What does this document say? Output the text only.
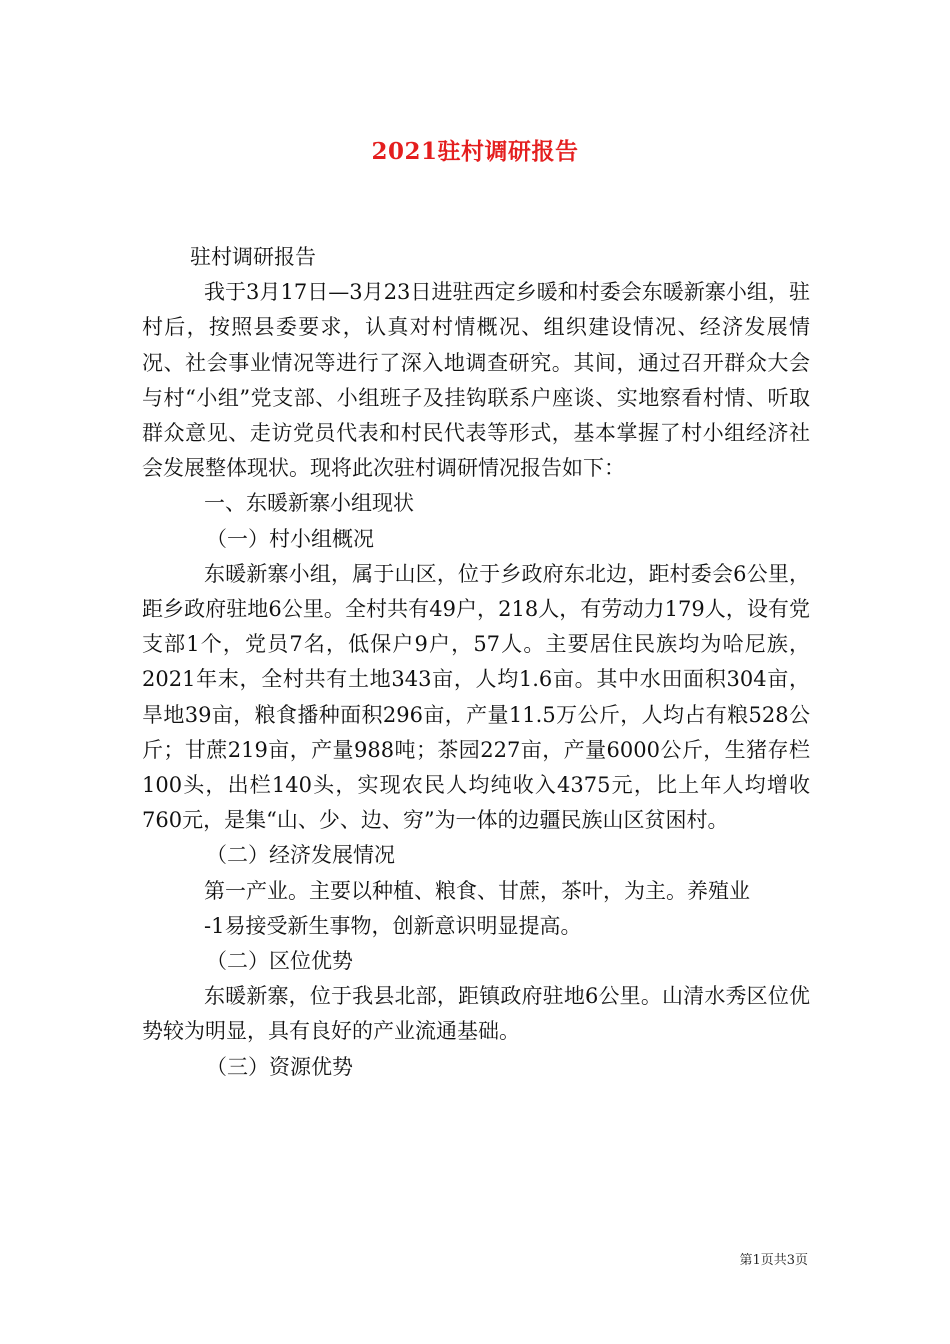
2021驻村调研报告

驻村调研报告

我于3月17日—3月23日进驻西定乡暖和村委会东暖新寨小组，驻村后，按照县委要求，认真对村情概况、组织建设情况、经济发展情况、社会事业情况等进行了深入地调查研究。其间，通过召开群众大会与村“小组”党支部、小组班子及挂钩联系户座谈、实地察看村情、听取群众意见、走访党员代表和村民代表等形式，基本掌握了村小组经济社会发展整体现状。现将此次驻村调研情况报告如下：

一、东暖新寨小组现状

（一）村小组概况

东暖新寨小组，属于山区，位于乡政府东北边，距村委会6公里，距乡政府驻地6公里。全村共有49户，218人，有劳动力179人，设有党支部1个，党员7名，低保户9户，57人。主要居住民族均为哈尼族，2021年末，全村共有土地343亩，人均1.6亩。其中水田面积304亩，旱地39亩，粮食播种面积296亩，产量11.5万公斤，人均占有粮528公斤；甘蔗219亩，产量988吨；茶园227亩，产量6000公斤，生猪存栏100头，出栏140头，实现农民人均纯收入4375元，比上年人均增收760元，是集“山、少、边、穷”为一体的边疆民族山区贫困村。

（二）经济发展情况

第一产业。主要以种植、粮食、甘蔗，茶叶，为主。养殖业

-1易接受新生事物，创新意识明显提高。

（二）区位优势

东暖新寨，位于我县北部，距镇政府驻地6公里。山清水秀区位优势较为明显，具有良好的产业流通基础。

（三）资源优势

第1页共3页
